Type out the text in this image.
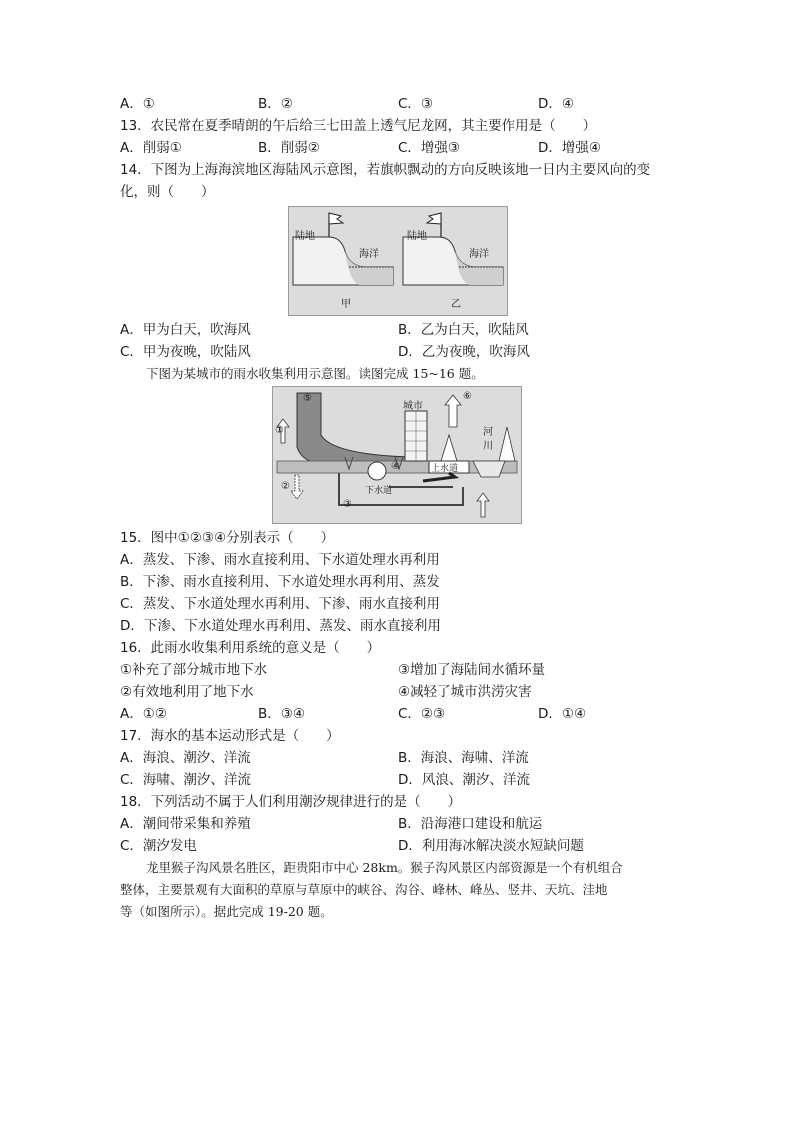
A．①	B．②	C．③	D．④
13．农民常在夏季晴朗的午后给三七田盖上透气尼龙网，其主要作用是（　　）
A．削弱①	B．削弱②	C．增强③	D．增强④
14．下图为上海海滨地区海陆风示意图，若旗帜飘动的方向反映该地一日内主要风向的变
化，则（　　）
陆地
海洋
甲
陆地
海洋
乙
A．甲为白天，吹海风	B．乙为白天，吹陆风
C．甲为夜晚，吹陆风	D．乙为夜晚，吹海风
下图为某城市的雨水收集利用示意图。读图完成 15~16 题。
⑤
①
②
③
④
⑥
城市
河
川
上水道
下水道
15．图中①②③④分别表示（　　）
A．蒸发、下渗、雨水直接利用、下水道处理水再利用
B．下渗、雨水直接利用、下水道处理水再利用、蒸发
C．蒸发、下水道处理水再利用、下渗、雨水直接利用
D．下渗、下水道处理水再利用、蒸发、雨水直接利用
16．此雨水收集利用系统的意义是（　　）
①补充了部分城市地下水	③增加了海陆间水循环量
②有效地利用了地下水	④减轻了城市洪涝灾害
A．①②	B．③④	C．②③	D．①④
17．海水的基本运动形式是（　　）
A．海浪、潮汐、洋流	B．海浪、海啸、洋流
C．海啸、潮汐、洋流	D．风浪、潮汐、洋流
18．下列活动不属于人们利用潮汐规律进行的是（　　）
A．潮间带采集和养殖	B．沿海港口建设和航运
C．潮汐发电	D．利用海冰解决淡水短缺问题
龙里猴子沟风景名胜区，距贵阳市中心 28km。猴子沟风景区内部资源是一个有机组合
整体，主要景观有大面积的草原与草原中的峡谷、沟谷、峰林、峰丛、竖井、天坑、洼地
等（如图所示）。据此完成 19-20 题。
